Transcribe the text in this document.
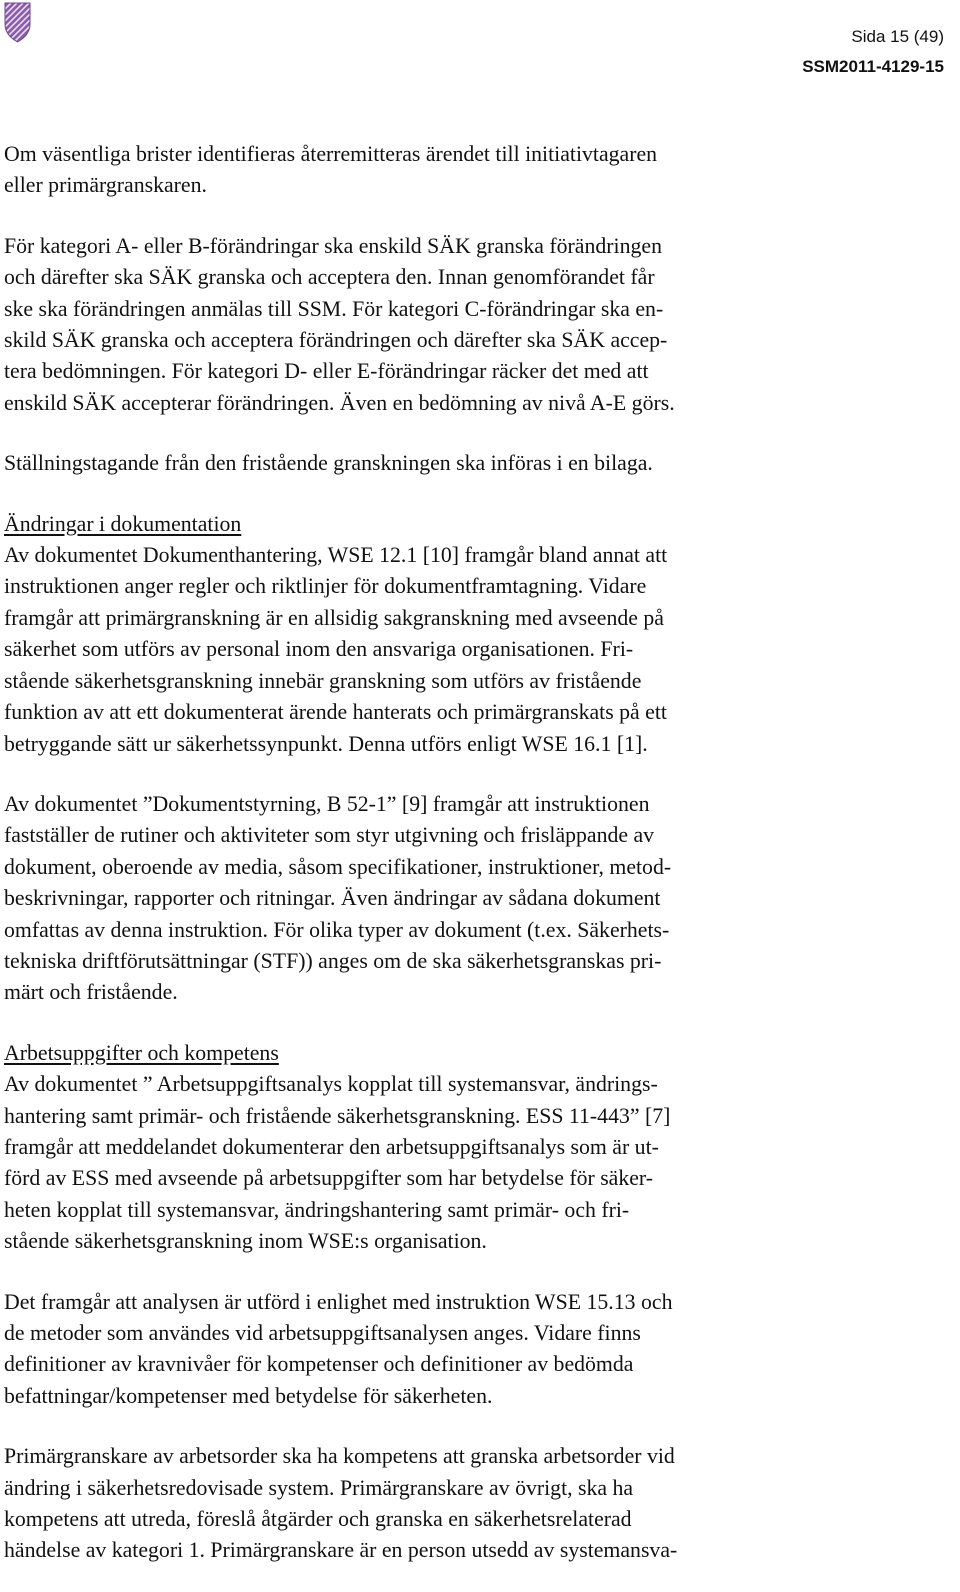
Sida 15 (49)
SSM2011-4129-15
Om väsentliga brister identifieras återremitteras ärendet till initiativtagaren
eller primärgranskaren.
För kategori A- eller B-förändringar ska enskild SÄK granska förändringen
och därefter ska SÄK granska och acceptera den. Innan genomförandet får
ske ska förändringen anmälas till SSM. För kategori C-förändringar ska en-
skild SÄK granska och acceptera förändringen och därefter ska SÄK accep-
tera bedömningen. För kategori D- eller E-förändringar räcker det med att
enskild SÄK accepterar förändringen. Även en bedömning av nivå A-E görs.
Ställningstagande från den fristående granskningen ska införas i en bilaga.
Ändringar i dokumentation
Av dokumentet Dokumenthantering, WSE 12.1 [10] framgår bland annat att
instruktionen anger regler och riktlinjer för dokumentframtagning. Vidare
framgår att primärgranskning är en allsidig sakgranskning med avseende på
säkerhet som utförs av personal inom den ansvariga organisationen. Fri-
stående säkerhetsgranskning innebär granskning som utförs av fristående
funktion av att ett dokumenterat ärende hanterats och primärgranskats på ett
betryggande sätt ur säkerhetssynpunkt. Denna utförs enligt WSE 16.1 [1].
Av dokumentet ”Dokumentstyrning, B 52-1” [9] framgår att instruktionen
fastställer de rutiner och aktiviteter som styr utgivning och frisläppande av
dokument, oberoende av media, såsom specifikationer, instruktioner, metod-
beskrivningar, rapporter och ritningar. Även ändringar av sådana dokument
omfattas av denna instruktion. För olika typer av dokument (t.ex. Säkerhets-
tekniska driftförutsättningar (STF)) anges om de ska säkerhetsgranskas pri-
märt och fristående.
Arbetsuppgifter och kompetens
Av dokumentet ” Arbetsuppgiftsanalys kopplat till systemansvar, ändrings-
hantering samt primär- och fristående säkerhetsgranskning. ESS 11-443” [7]
framgår att meddelandet dokumenterar den arbetsuppgiftsanalys som är ut-
förd av ESS med avseende på arbetsuppgifter som har betydelse för säker-
heten kopplat till systemansvar, ändringshantering samt primär- och fri-
stående säkerhetsgranskning inom WSE:s organisation.
Det framgår att analysen är utförd i enlighet med instruktion WSE 15.13 och
de metoder som användes vid arbetsuppgiftsanalysen anges. Vidare finns
definitioner av kravnivåer för kompetenser och definitioner av bedömda
befattningar/kompetenser med betydelse för säkerheten.
Primärgranskare av arbetsorder ska ha kompetens att granska arbetsorder vid
ändring i säkerhetsredovisade system. Primärgranskare av övrigt, ska ha
kompetens att utreda, föreslå åtgärder och granska en säkerhetsrelaterad
händelse av kategori 1. Primärgranskare är en person utsedd av systemansva-
